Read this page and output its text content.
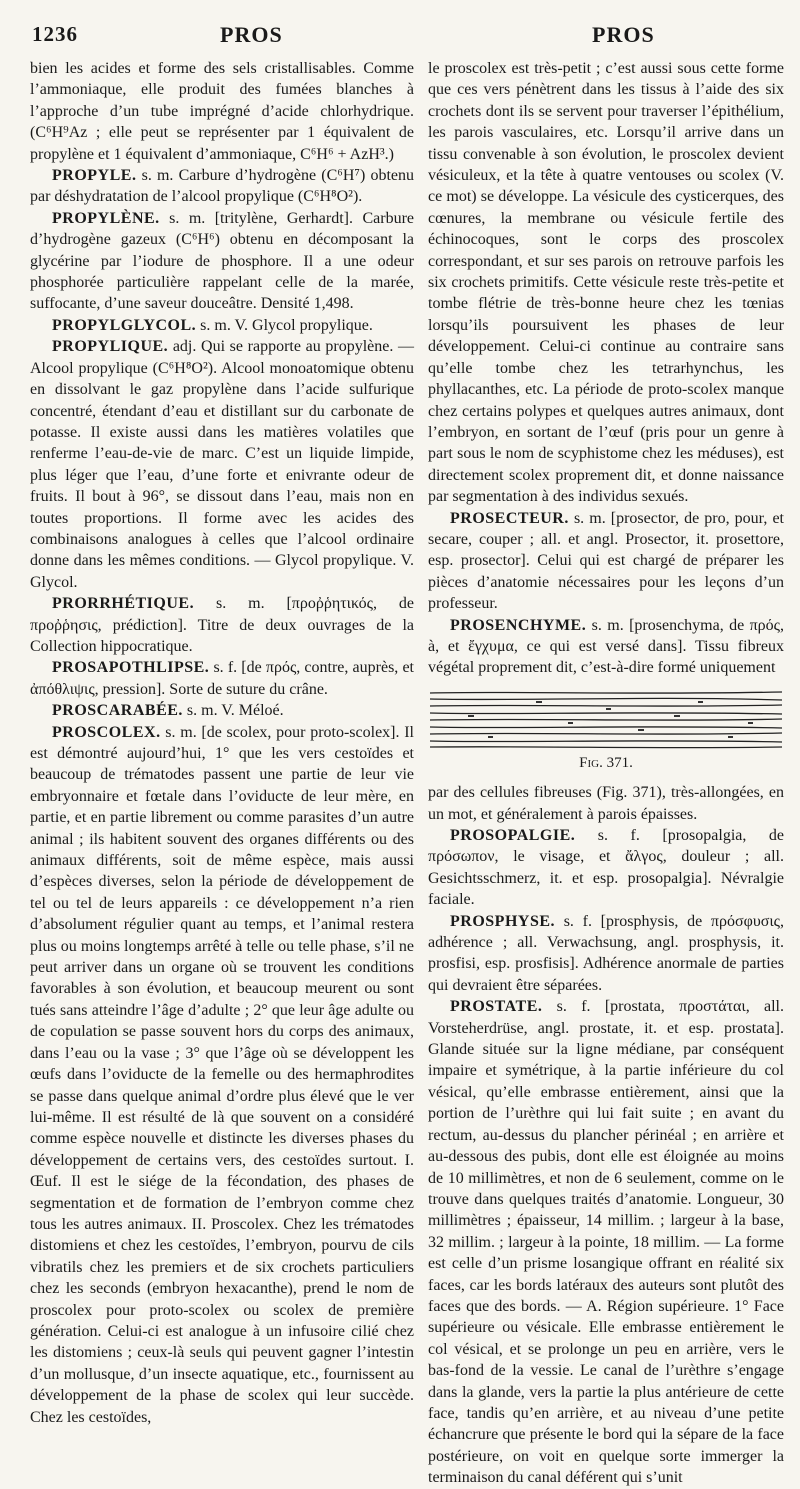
1236	PROS	PROS

bien les acides et forme des sels cristallisables. Comme l’ammoniaque, elle produit des fumées blanches à l’approche d’un tube imprégné d’acide chlorhydrique. (C⁶H⁹Az ; elle peut se représenter par 1 équivalent de propylène et 1 équivalent d’ammoniaque, C⁶H⁶ + AzH³.)

PROPYLE. s. m. Carbure d’hydrogène (C⁶H⁷) obtenu par déshydratation de l’alcool propylique (C⁶H⁸O²).

PROPYLÈNE. s. m. [tritylène, Gerhardt]. Carbure d’hydrogène gazeux (C⁶H⁶) obtenu en décomposant la glycérine par l’iodure de phosphore. Il a une odeur phosphorée particulière rappelant celle de la marée, suffocante, d’une saveur douceâtre. Densité 1,498.

PROPYLGLYCOL. s. m. V. Glycol propylique.

PROPYLIQUE. adj. Qui se rapporte au propylène. —Alcool propylique (C⁶H⁸O²). Alcool monoatomique obtenu en dissolvant le gaz propylène dans l’acide sulfurique concentré, étendant d’eau et distillant sur du carbonate de potasse. Il existe aussi dans les matières volatiles que renferme l’eau-de-vie de marc. C’est un liquide limpide, plus léger que l’eau, d’une forte et enivrante odeur de fruits. Il bout à 96°, se dissout dans l’eau, mais non en toutes proportions. Il forme avec les acides des combinaisons analogues à celles que l’alcool ordinaire donne dans les mêmes conditions. — Glycol propylique. V. Glycol.

PRORRHÉTIQUE. s. m. [προῤῥητικός, de προῤῥησις, prédiction]. Titre de deux ouvrages de la Collection hippocratique.

PROSAPOTHLIPSE. s. f. [de πρός, contre, auprès, et ἀπόθλιψις, pression]. Sorte de suture du crâne.

PROSCARABÉE. s. m. V. Méloé.

PROSCOLEX. s. m. [de scolex, pour proto-scolex]. Il est démontré aujourd’hui, 1° que les vers cestoïdes et beaucoup de trématodes passent une partie de leur vie embryonnaire et fœtale dans l’oviducte de leur mère, en partie, et en partie librement ou comme parasites d’un autre animal ; ils habitent souvent des organes différents ou des animaux différents, soit de même espèce, mais aussi d’espèces diverses, selon la période de développement de tel ou tel de leurs appareils : ce développement n’a rien d’absolument régulier quant au temps, et l’animal restera plus ou moins longtemps arrêté à telle ou telle phase, s’il ne peut arriver dans un organe où se trouvent les conditions favorables à son évolution, et beaucoup meurent ou sont tués sans atteindre l’âge d’adulte ; 2° que leur âge adulte ou de copulation se passe souvent hors du corps des animaux, dans l’eau ou la vase ; 3° que l’âge où se développent les œufs dans l’oviducte de la femelle ou des hermaphrodites se passe dans quelque animal d’ordre plus élevé que le ver lui-même. Il est résulté de là que souvent on a considéré comme espèce nouvelle et distincte les diverses phases du développement de certains vers, des cestoïdes surtout. I. Œuf. Il est le siége de la fécondation, des phases de segmentation et de formation de l’embryon comme chez tous les autres animaux. II. Proscolex. Chez les trématodes distomiens et chez les cestoïdes, l’embryon, pourvu de cils vibratils chez les premiers et de six crochets particuliers chez les seconds (embryon hexacanthe), prend le nom de proscolex pour proto-scolex ou scolex de première génération. Celui-ci est analogue à un infusoire cilié chez les distomiens ; ceux-là seuls qui peuvent gagner l’intestin d’un mollusque, d’un insecte aquatique, etc., fournissent au développement de la phase de scolex qui leur succède. Chez les cestoïdes,

le proscolex est très-petit ; c’est aussi sous cette forme que ces vers pénètrent dans les tissus à l’aide des six crochets dont ils se servent pour traverser l’épithélium, les parois vasculaires, etc. Lorsqu’il arrive dans un tissu convenable à son évolution, le proscolex devient vésiculeux, et la tête à quatre ventouses ou scolex (V. ce mot) se développe. La vésicule des cysticerques, des cœnures, la membrane ou vésicule fertile des échinocoques, sont le corps des proscolex correspondant, et sur ses parois on retrouve parfois les six crochets primitifs. Cette vésicule reste très-petite et tombe flétrie de très-bonne heure chez les tœnias lorsqu’ils poursuivent les phases de leur développement. Celui-ci continue au contraire sans qu’elle tombe chez les tetrarhynchus, les phyllacanthes, etc. La période de proto-scolex manque chez certains polypes et quelques autres animaux, dont l’embryon, en sortant de l’œuf (pris pour un genre à part sous le nom de scyphistome chez les méduses), est directement scolex proprement dit, et donne naissance par segmentation à des individus sexués.

PROSECTEUR. s. m. [prosector, de pro, pour, et secare, couper ; all. et angl. Prosector, it. prosettore, esp. prosector]. Celui qui est chargé de préparer les pièces d’anatomie nécessaires pour les leçons d’un professeur.

PROSENCHYME. s. m. [prosenchyma, de πρός, à, et ἔγχυμα, ce qui est versé dans]. Tissu fibreux végétal proprement dit, c’est-à-dire formé uniquement

Fig. 371.

par des cellules fibreuses (Fig. 371), très-allongées, en un mot, et généralement à parois épaisses.

PROSOPALGIE. s. f. [prosopalgia, de πρόσωπον, le visage, et ἄλγος, douleur ; all. Gesichtsschmerz, it. et esp. prosopalgia]. Névralgie faciale.

PROSPHYSE. s. f. [prosphysis, de πρόσφυσις, adhérence ; all. Verwachsung, angl. prosphysis, it. prosfisi, esp. prosfisis]. Adhérence anormale de parties qui devraient être séparées.

PROSTATE. s. f. [prostata, προστάται, all. Vorsteherdrüse, angl. prostate, it. et esp. prostata]. Glande située sur la ligne médiane, par conséquent impaire et symétrique, à la partie inférieure du col vésical, qu’elle embrasse entièrement, ainsi que la portion de l’urèthre qui lui fait suite ; en avant du rectum, au-dessus du plancher périnéal ; en arrière et au-dessous des pubis, dont elle est éloignée au moins de 10 millimètres, et non de 6 seulement, comme on le trouve dans quelques traités d’anatomie. Longueur, 30 millimètres ; épaisseur, 14 millim. ; largeur à la base, 32 millim. ; largeur à la pointe, 18 millim. — La forme est celle d’un prisme losangique offrant en réalité six faces, car les bords latéraux des auteurs sont plutôt des faces que des bords. — A. Région supérieure. 1° Face supérieure ou vésicale. Elle embrasse entièrement le col vésical, et se prolonge un peu en arrière, vers le bas-fond de la vessie. Le canal de l’urèthre s’engage dans la glande, vers la partie la plus antérieure de cette face, tandis qu’en arrière, et au niveau d’une petite échancrure que présente le bord qui la sépare de la face postérieure, on voit en quelque sorte immerger la terminaison du canal déférent qui s’unit
